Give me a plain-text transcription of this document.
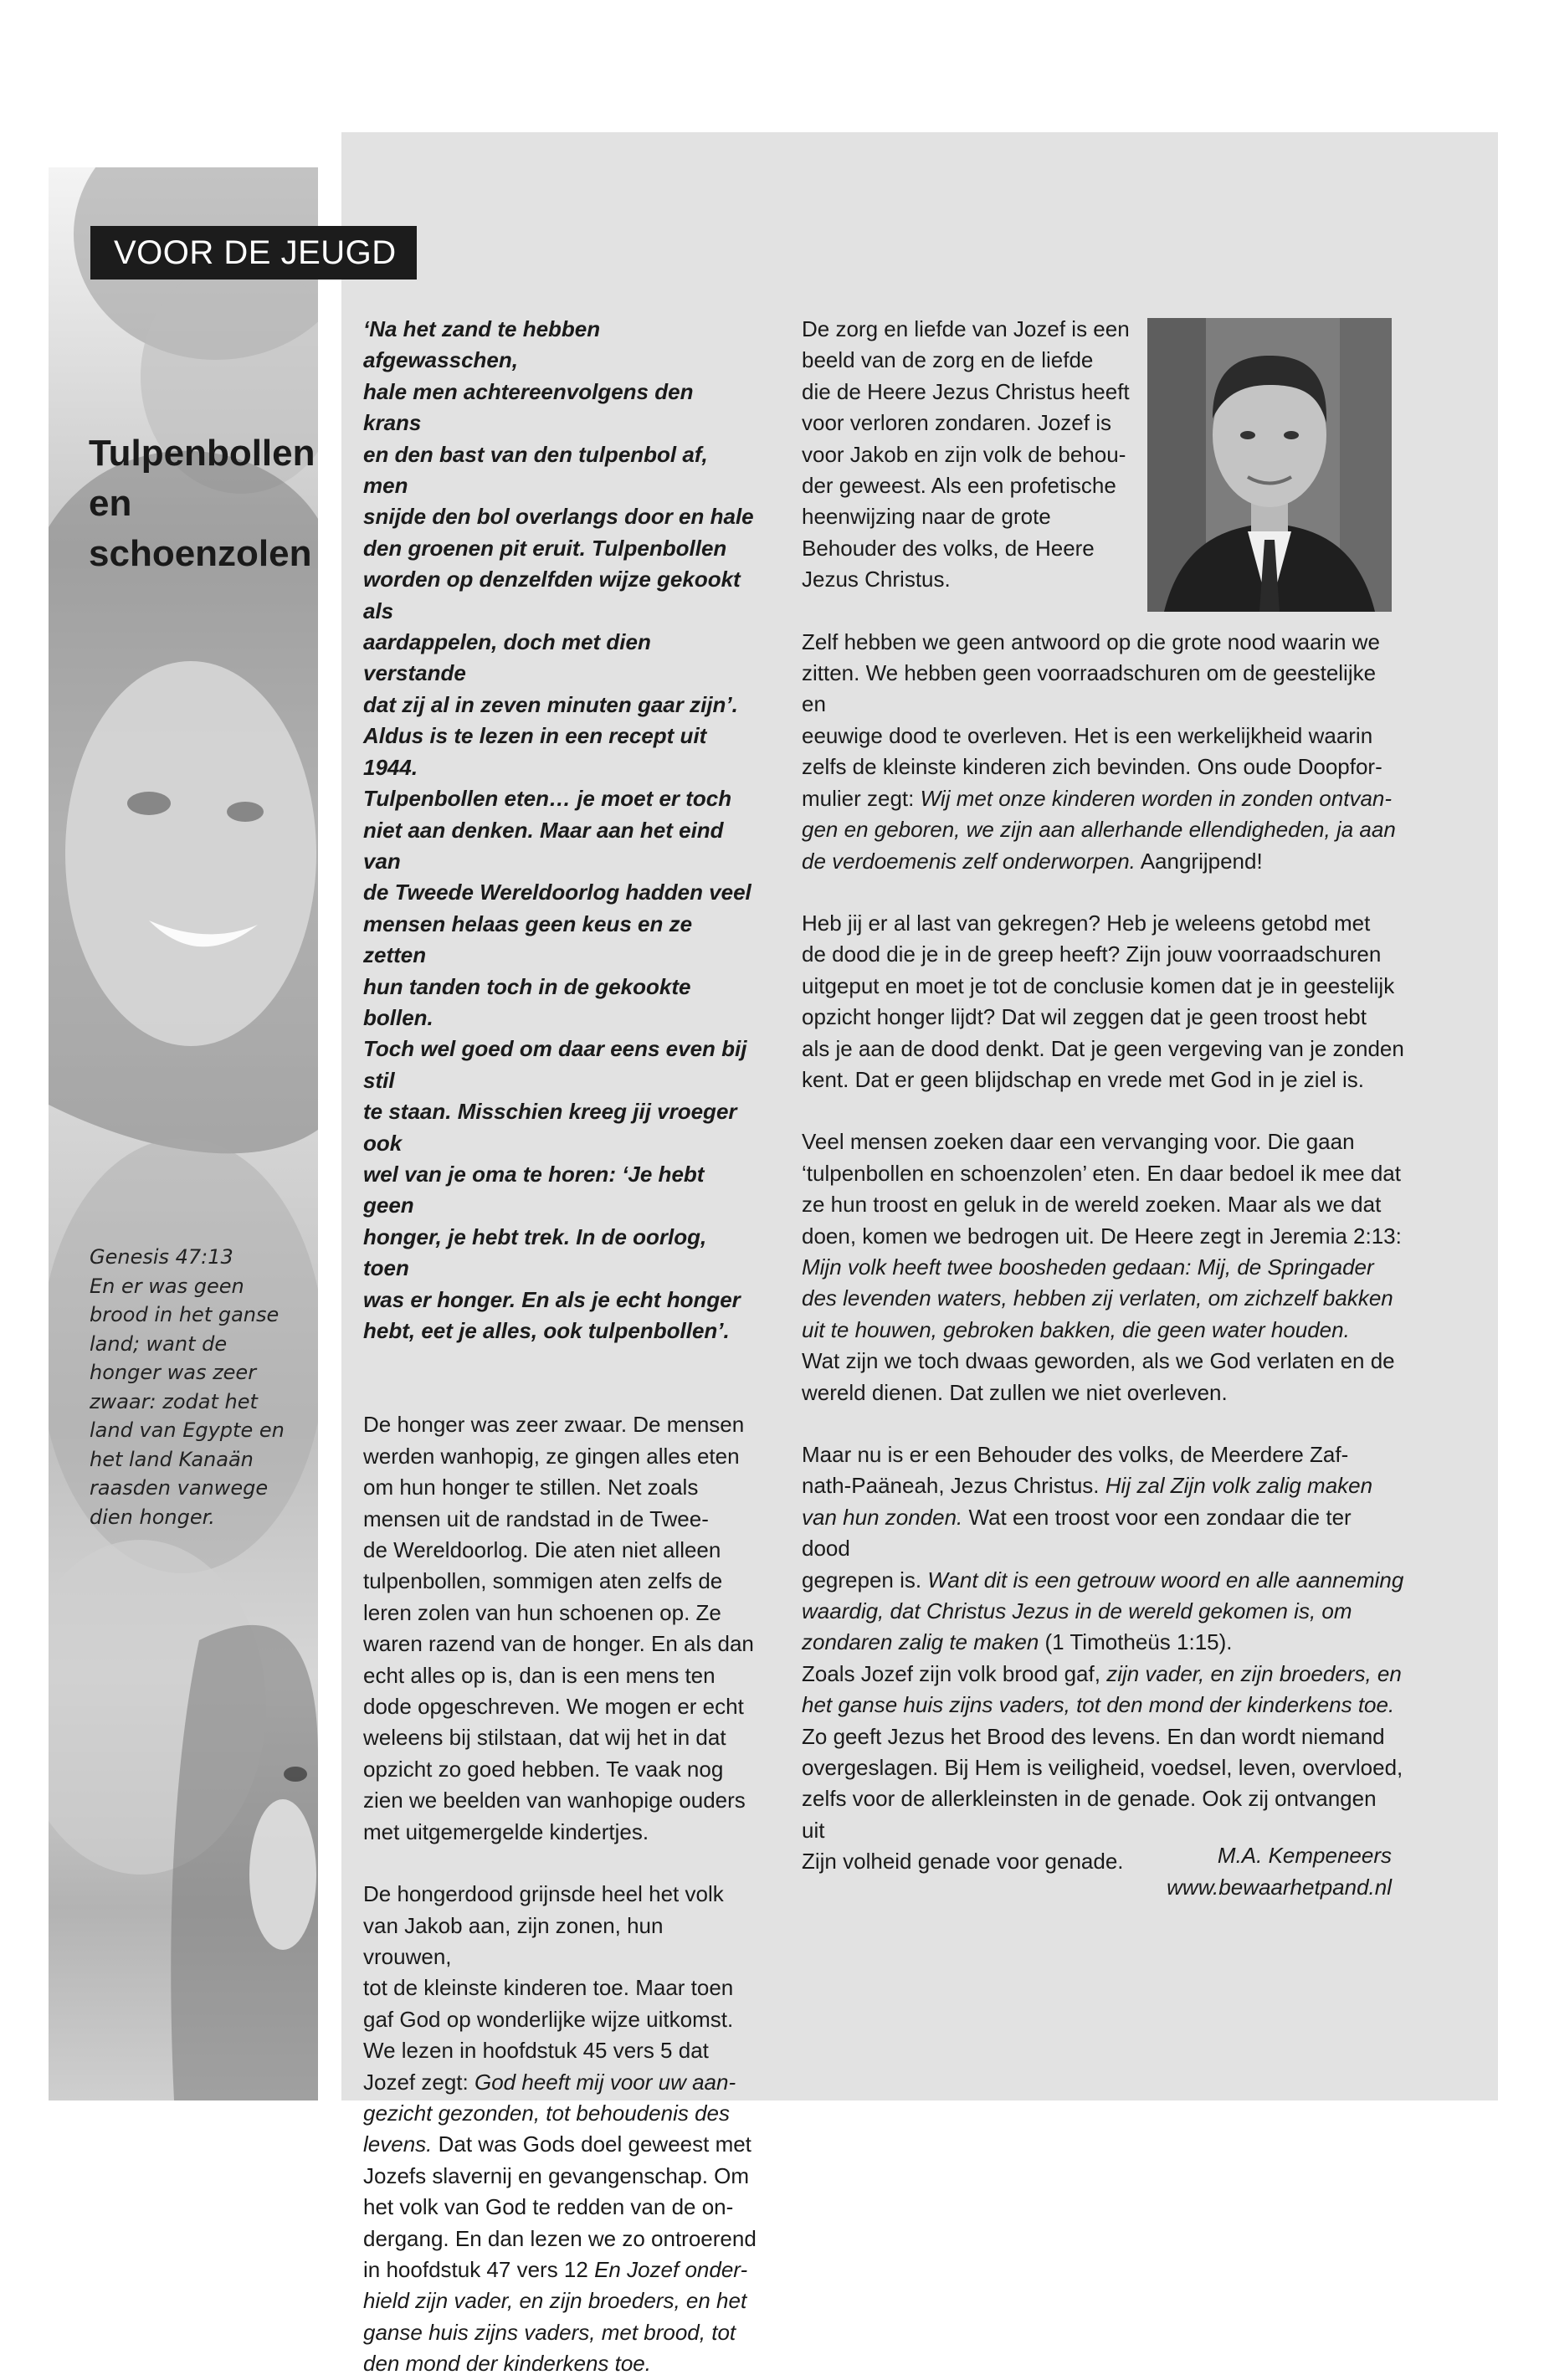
VOOR DE JEUGD
Tulpenbollen
en
schoenzolen
Genesis 47:13
En er was geen
brood in het ganse
land; want de
honger was zeer
zwaar: zodat het
land van Egypte en
het land Kanaän
raasden vanwege
dien honger.

‘Na het zand te hebben afgewasschen,

hale men achtereenvolgens den krans

en den bast van den tulpenbol af, men

snijde den bol overlangs door en hale

den groenen pit eruit. Tulpenbollen

worden op denzelfden wijze gekookt als

aardappelen, doch met dien verstande

dat zij al in zeven minuten gaar zijn’.

Aldus is te lezen in een recept uit 1944.

Tulpenbollen eten… je moet er toch

niet aan denken. Maar aan het eind van

de Tweede Wereldoorlog hadden veel

mensen helaas geen keus en ze zetten

hun tanden toch in de gekookte bollen.

Toch wel goed om daar eens even bij stil

te staan. Misschien kreeg jij vroeger ook

wel van je oma te horen: ‘Je hebt geen

honger, je hebt trek. In de oorlog, toen

was er honger. En als je echt honger

hebt, eet je alles, ook tulpenbollen’.

De honger was zeer zwaar. De mensen

werden wanhopig, ze gingen alles eten

om hun honger te stillen. Net zoals

mensen uit de randstad in de Twee-

de Wereldoorlog. Die aten niet alleen

tulpenbollen, sommigen aten zelfs de

leren zolen van hun schoenen op. Ze

waren razend van de honger. En als dan

echt alles op is, dan is een mens ten

dode opgeschreven. We mogen er echt

weleens bij stilstaan, dat wij het in dat

opzicht zo goed hebben. Te vaak nog

zien we beelden van wanhopige ouders

met uitgemergelde kindertjes.

De hongerdood grijnsde heel het volk

van Jakob aan, zijn zonen, hun vrouwen,

tot de kleinste kinderen toe. Maar toen

gaf God op wonderlijke wijze uitkomst.

We lezen in hoofdstuk 45 vers 5 dat

Jozef zegt: God heeft mij voor uw aan-

gezicht gezonden, tot behoudenis des

levens. Dat was Gods doel geweest met

Jozefs slavernij en gevangenschap. Om

het volk van God te redden van de on-

dergang. En dan lezen we zo ontroerend

in hoofdstuk 47 vers 12 En Jozef onder-

hield zijn vader, en zijn broeders, en het

ganse huis zijns vaders, met brood, tot

den mond der kinderkens toe.

De zorg en liefde van Jozef is een

beeld van de zorg en de liefde

die de Heere Jezus Christus heeft

voor verloren zondaren. Jozef is

voor Jakob en zijn volk de behou-

der geweest. Als een profetische

heenwijzing naar de grote

Behouder des volks, de Heere

Jezus Christus.

Zelf hebben we geen antwoord op die grote nood waarin we

zitten. We hebben geen voorraadschuren om de geestelijke en

eeuwige dood te overleven. Het is een werkelijkheid waarin

zelfs de kleinste kinderen zich bevinden. Ons oude Doopfor-

mulier zegt: Wij met onze kinderen worden in zonden ontvan-

gen en geboren, we zijn aan allerhande ellendigheden, ja aan

de verdoemenis zelf onderworpen. Aangrijpend!

Heb jij er al last van gekregen? Heb je weleens getobd met

de dood die je in de greep heeft? Zijn jouw voorraadschuren

uitgeput en moet je tot de conclusie komen dat je in geestelijk

opzicht honger lijdt? Dat wil zeggen dat je geen troost hebt

als je aan de dood denkt. Dat je geen vergeving van je zonden

kent. Dat er geen blijdschap en vrede met God in je ziel is.

Veel mensen zoeken daar een vervanging voor. Die gaan

‘tulpenbollen en schoenzolen’ eten. En daar bedoel ik mee dat

ze hun troost en geluk in de wereld zoeken. Maar als we dat

doen, komen we bedrogen uit. De Heere zegt in Jeremia 2:13:

Mijn volk heeft twee boosheden gedaan: Mij, de Springader

des levenden waters, hebben zij verlaten, om zichzelf bakken

uit te houwen, gebroken bakken, die geen water houden.

Wat zijn we toch dwaas geworden, als we God verlaten en de

wereld dienen. Dat zullen we niet overleven.

Maar nu is er een Behouder des volks, de Meerdere Zaf-

nath-Paäneah, Jezus Christus. Hij zal Zijn volk zalig maken

van hun zonden. Wat een troost voor een zondaar die ter dood

gegrepen is. Want dit is een getrouw woord en alle aanneming

waardig, dat Christus Jezus in de wereld gekomen is, om

zondaren zalig te maken (1 Timotheüs 1:15).

Zoals Jozef zijn volk brood gaf, zijn vader, en zijn broeders, en

het ganse huis zijns vaders, tot den mond der kinderkens toe.

Zo geeft Jezus het Brood des levens. En dan wordt niemand

overgeslagen. Bij Hem is veiligheid, voedsel, leven, overvloed,

zelfs voor de allerkleinsten in de genade. Ook zij ontvangen uit

Zijn volheid genade voor genade.	M.A. Kempeneers
www.bewaarhetpand.nl
